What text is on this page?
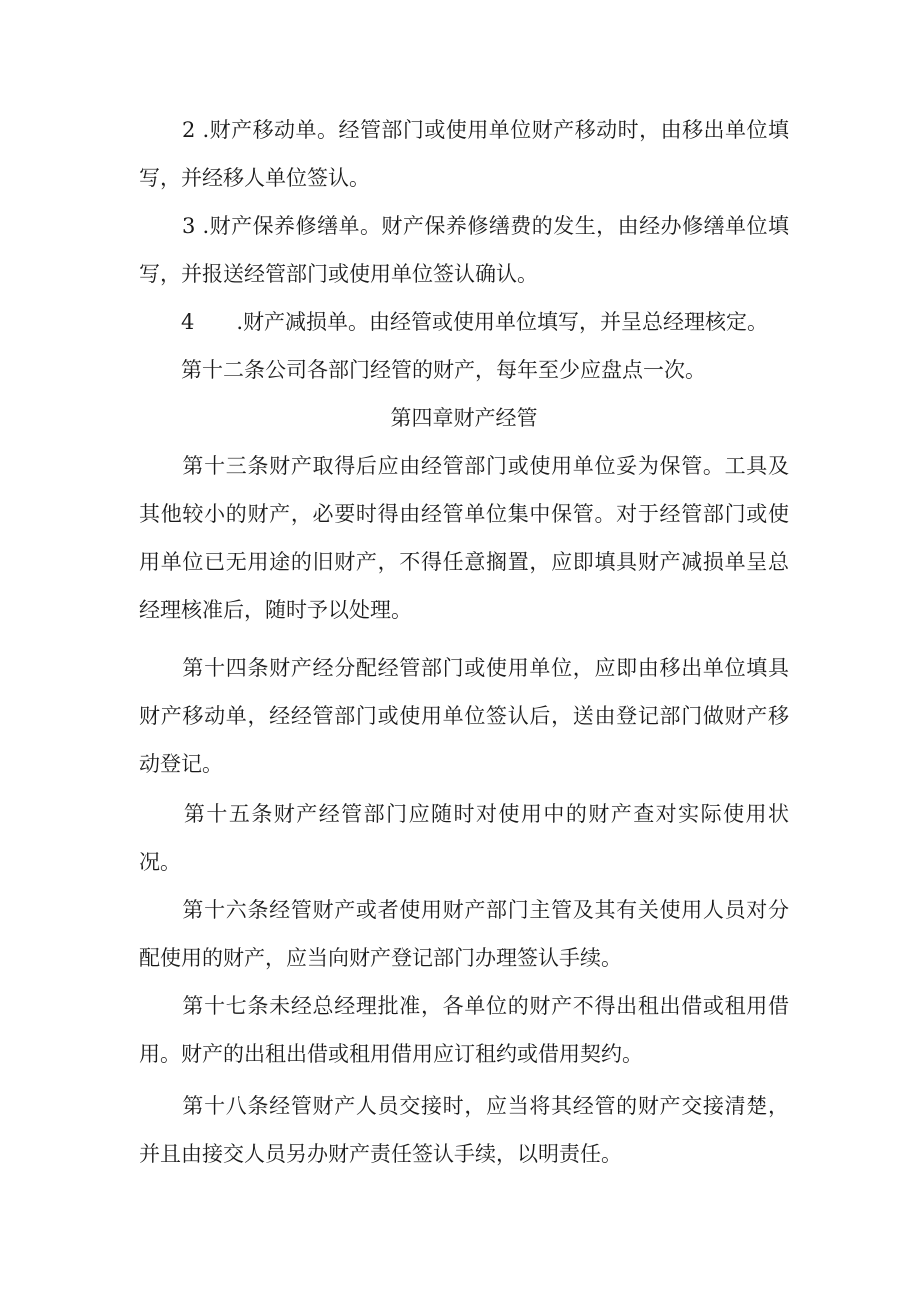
　　2 .财产移动单。经管部门或使用单位财产移动时，由移出单位填写，并经移人单位签认。

　　3 .财产保养修缮单。财产保养修缮费的发生，由经办修缮单位填写，并报送经管部门或使用单位签认确认。

　　4　　.财产减损单。由经管或使用单位填写，并呈总经理核定。

　　第十二条公司各部门经管的财产，每年至少应盘点一次。

第四章财产经管

　　第十三条财产取得后应由经管部门或使用单位妥为保管。工具及其他较小的财产，必要时得由经管单位集中保管。对于经管部门或使用单位已无用途的旧财产，不得任意搁置，应即填具财产减损单呈总经理核准后，随时予以处理。

　　第十四条财产经分配经管部门或使用单位，应即由移出单位填具财产移动单，经经管部门或使用单位签认后，送由登记部门做财产移动登记。

　　第十五条财产经管部门应随时对使用中的财产查对实际使用状况。

　　第十六条经管财产或者使用财产部门主管及其有关使用人员对分配使用的财产，应当向财产登记部门办理签认手续。

　　第十七条未经总经理批准，各单位的财产不得出租出借或租用借用。财产的出租出借或租用借用应订租约或借用契约。

　　第十八条经管财产人员交接时，应当将其经管的财产交接清楚，并且由接交人员另办财产责任签认手续，以明责任。
